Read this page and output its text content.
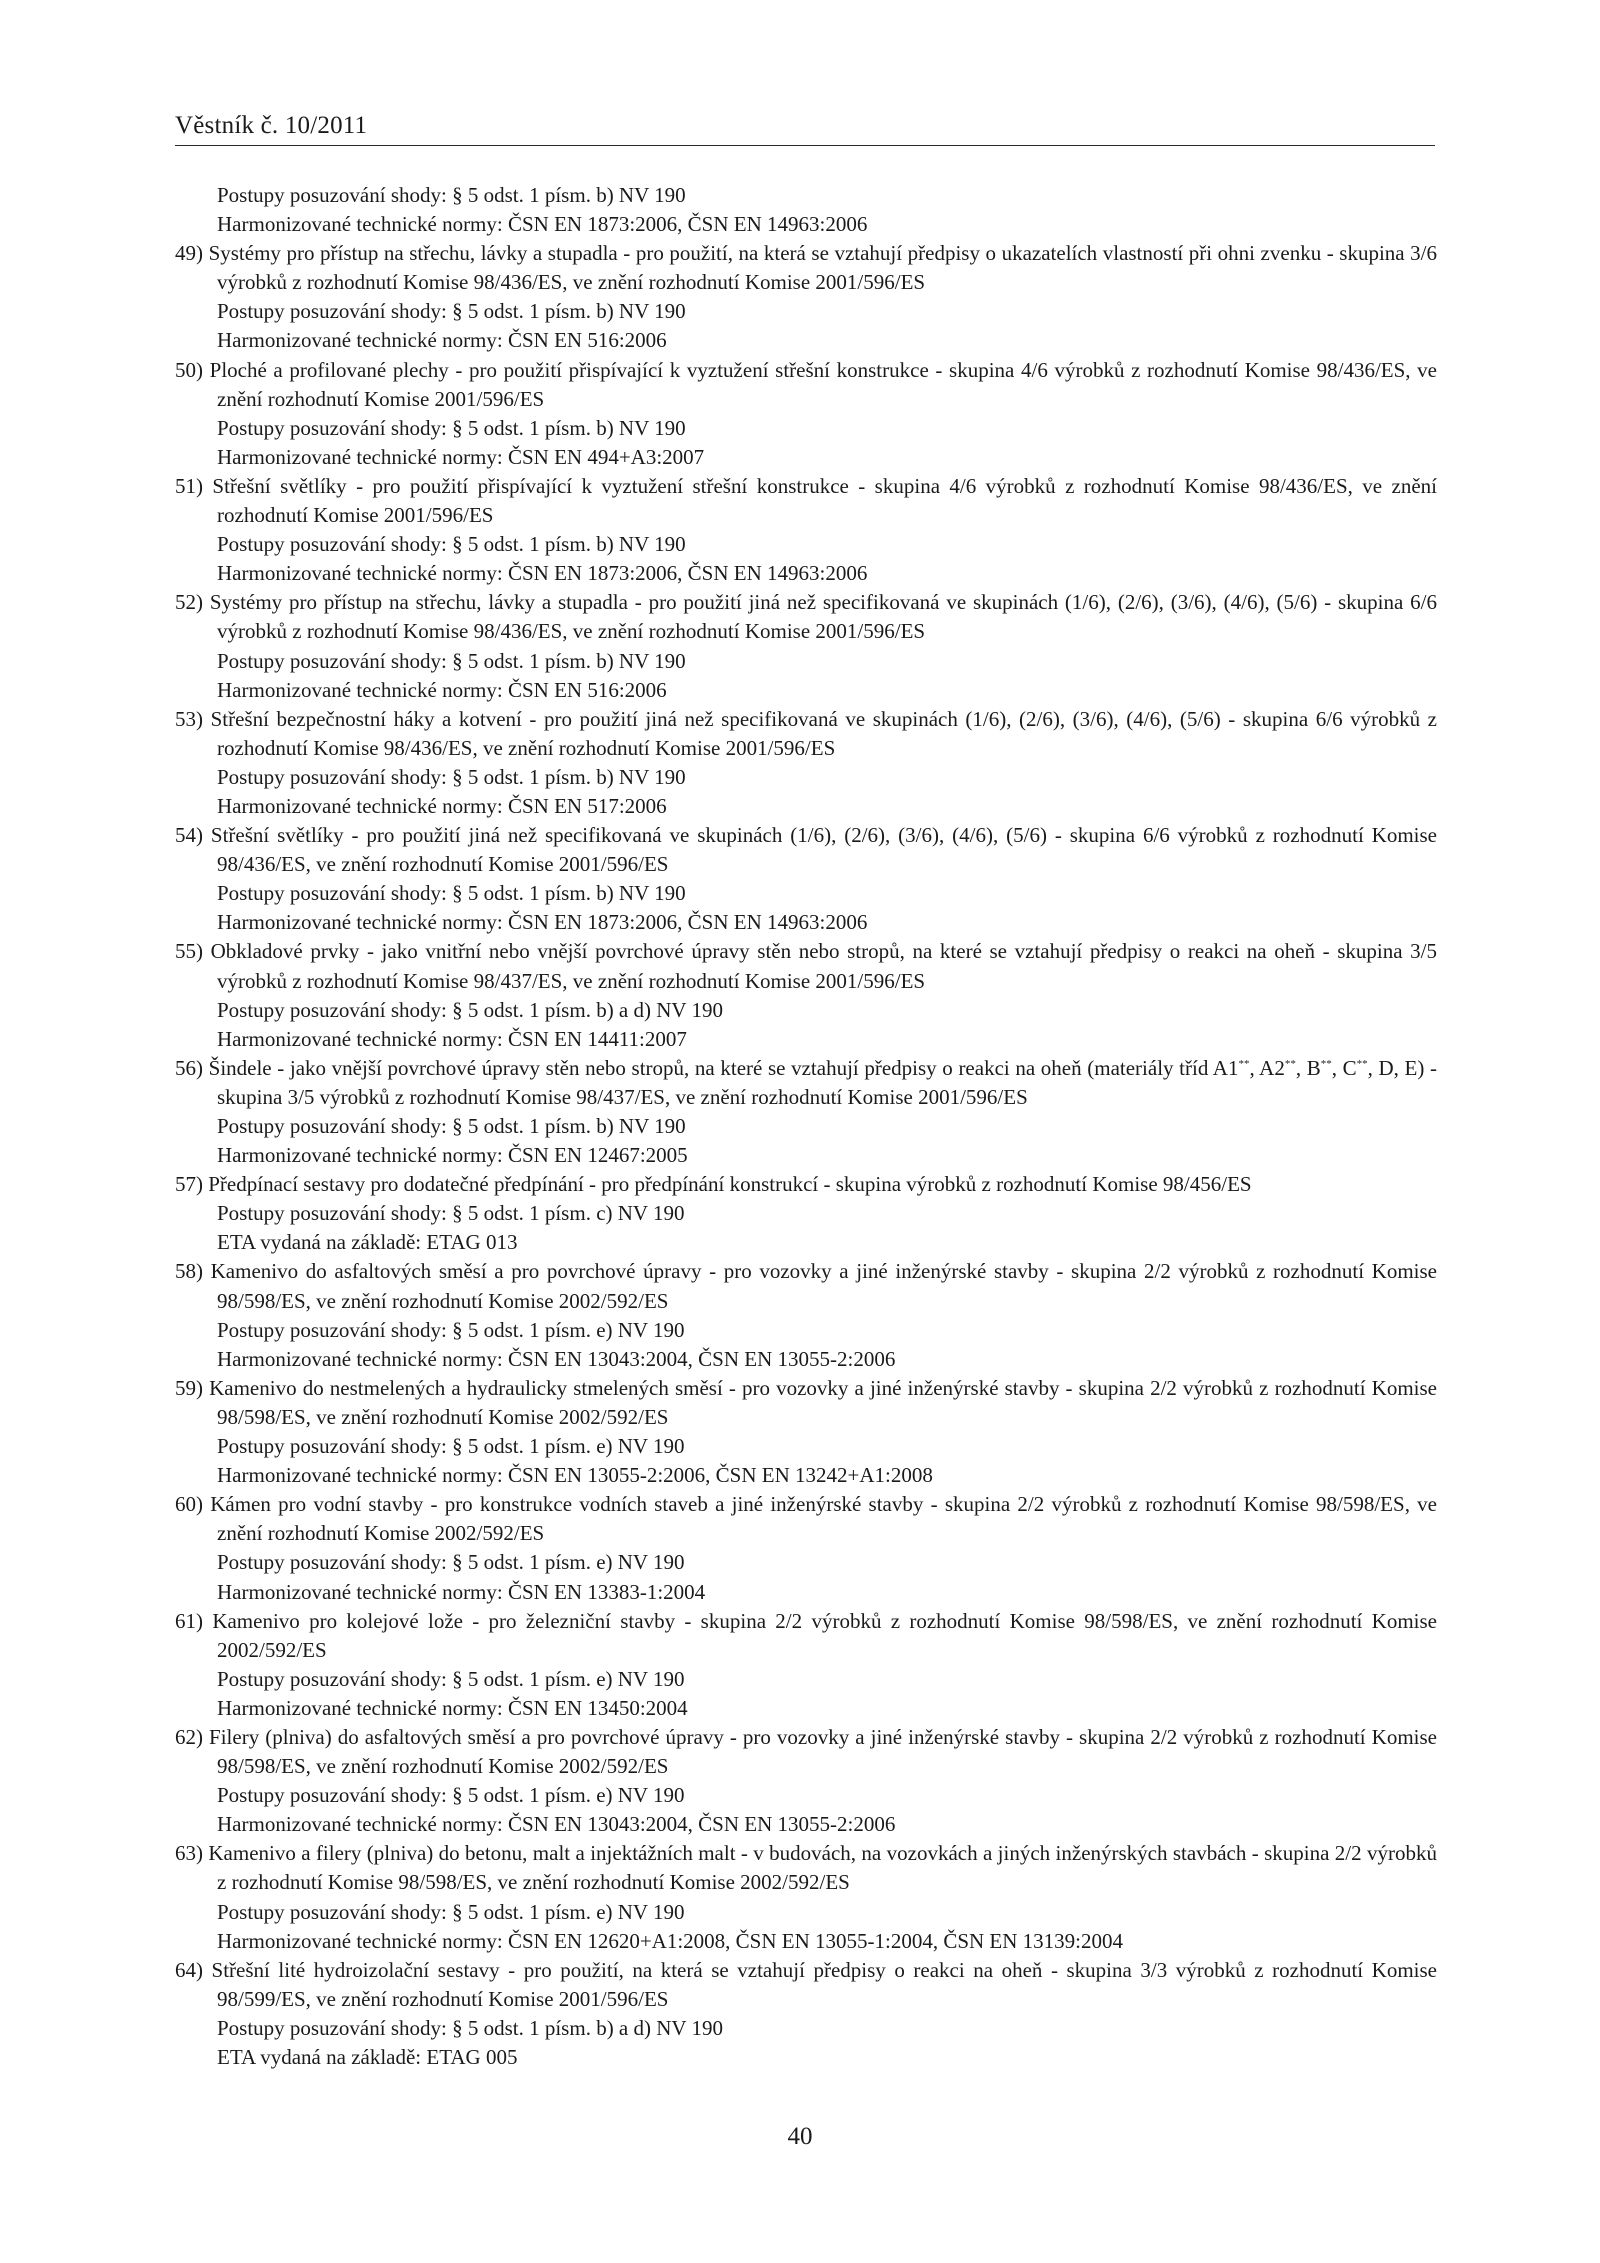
Věstník č. 10/2011
Postupy posuzování shody: § 5 odst. 1 písm. b) NV 190
Harmonizované technické normy: ČSN EN 1873:2006, ČSN EN 14963:2006
49) Systémy pro přístup na střechu, lávky a stupadla - pro použití, na která se vztahují předpisy o ukazatelích vlastností při ohni zvenku - skupina 3/6 výrobků z rozhodnutí Komise 98/436/ES, ve znění rozhodnutí Komise 2001/596/ES
Postupy posuzování shody: § 5 odst. 1 písm. b) NV 190
Harmonizované technické normy: ČSN EN 516:2006
50) Ploché a profilované plechy - pro použití přispívající k vyztužení střešní konstrukce - skupina 4/6 výrobků z rozhodnutí Komise 98/436/ES, ve znění rozhodnutí Komise 2001/596/ES
Postupy posuzování shody: § 5 odst. 1 písm. b) NV 190
Harmonizované technické normy: ČSN EN 494+A3:2007
51) Střešní světlíky - pro použití přispívající k vyztužení střešní konstrukce - skupina 4/6 výrobků z rozhodnutí Komise 98/436/ES, ve znění rozhodnutí Komise 2001/596/ES
Postupy posuzování shody: § 5 odst. 1 písm. b) NV 190
Harmonizované technické normy: ČSN EN 1873:2006, ČSN EN 14963:2006
52) Systémy pro přístup na střechu, lávky a stupadla - pro použití jiná než specifikovaná ve skupinách (1/6), (2/6), (3/6), (4/6), (5/6) - skupina 6/6 výrobků z rozhodnutí Komise 98/436/ES, ve znění rozhodnutí Komise 2001/596/ES
Postupy posuzování shody: § 5 odst. 1 písm. b) NV 190
Harmonizované technické normy: ČSN EN 516:2006
53) Střešní bezpečnostní háky a kotvení - pro použití jiná než specifikovaná ve skupinách (1/6), (2/6), (3/6), (4/6), (5/6) - skupina 6/6 výrobků z rozhodnutí Komise 98/436/ES, ve znění rozhodnutí Komise 2001/596/ES
Postupy posuzování shody: § 5 odst. 1 písm. b) NV 190
Harmonizované technické normy: ČSN EN 517:2006
54) Střešní světlíky - pro použití jiná než specifikovaná ve skupinách (1/6), (2/6), (3/6), (4/6), (5/6) - skupina 6/6 výrobků z rozhodnutí Komise 98/436/ES, ve znění rozhodnutí Komise 2001/596/ES
Postupy posuzování shody: § 5 odst. 1 písm. b) NV 190
Harmonizované technické normy: ČSN EN 1873:2006, ČSN EN 14963:2006
55) Obkladové prvky - jako vnitřní nebo vnější povrchové úpravy stěn nebo stropů, na které se vztahují předpisy o reakci na oheň - skupina 3/5 výrobků z rozhodnutí Komise 98/437/ES, ve znění rozhodnutí Komise 2001/596/ES
Postupy posuzování shody: § 5 odst. 1 písm. b) a d) NV 190
Harmonizované technické normy: ČSN EN 14411:2007
56) Šindele - jako vnější povrchové úpravy stěn nebo stropů, na které se vztahují předpisy o reakci na oheň (materiály tříd A1**, A2**, B**, C**, D, E) - skupina 3/5 výrobků z rozhodnutí Komise 98/437/ES, ve znění rozhodnutí Komise 2001/596/ES
Postupy posuzování shody: § 5 odst. 1 písm. b) NV 190
Harmonizované technické normy: ČSN EN 12467:2005
57) Předpínací sestavy pro dodatečné předpínání - pro předpínání konstrukcí - skupina výrobků z rozhodnutí Komise 98/456/ES
Postupy posuzování shody: § 5 odst. 1 písm. c) NV 190
ETA vydaná na základě: ETAG 013
58) Kamenivo do asfaltových směsí a pro povrchové úpravy - pro vozovky a jiné inženýrské stavby - skupina 2/2 výrobků z rozhodnutí Komise 98/598/ES, ve znění rozhodnutí Komise 2002/592/ES
Postupy posuzování shody: § 5 odst. 1 písm. e) NV 190
Harmonizované technické normy: ČSN EN 13043:2004, ČSN EN 13055-2:2006
59) Kamenivo do nestmelených a hydraulicky stmelených směsí - pro vozovky a jiné inženýrské stavby - skupina 2/2 výrobků z rozhodnutí Komise 98/598/ES, ve znění rozhodnutí Komise 2002/592/ES
Postupy posuzování shody: § 5 odst. 1 písm. e) NV 190
Harmonizované technické normy: ČSN EN 13055-2:2006, ČSN EN 13242+A1:2008
60) Kámen pro vodní stavby - pro konstrukce vodních staveb a jiné inženýrské stavby - skupina 2/2 výrobků z rozhodnutí Komise 98/598/ES, ve znění rozhodnutí Komise 2002/592/ES
Postupy posuzování shody: § 5 odst. 1 písm. e) NV 190
Harmonizované technické normy: ČSN EN 13383-1:2004
61) Kamenivo pro kolejové lože - pro železniční stavby - skupina 2/2 výrobků z rozhodnutí Komise 98/598/ES, ve znění rozhodnutí Komise 2002/592/ES
Postupy posuzování shody: § 5 odst. 1 písm. e) NV 190
Harmonizované technické normy: ČSN EN 13450:2004
62) Filery (plniva) do asfaltových směsí a pro povrchové úpravy - pro vozovky a jiné inženýrské stavby - skupina 2/2 výrobků z rozhodnutí Komise 98/598/ES, ve znění rozhodnutí Komise 2002/592/ES
Postupy posuzování shody: § 5 odst. 1 písm. e) NV 190
Harmonizované technické normy: ČSN EN 13043:2004, ČSN EN 13055-2:2006
63) Kamenivo a filery (plniva) do betonu, malt a injektážních malt - v budovách, na vozovkách a jiných inženýrských stavbách - skupina 2/2 výrobků z rozhodnutí Komise 98/598/ES, ve znění rozhodnutí Komise 2002/592/ES
Postupy posuzování shody: § 5 odst. 1 písm. e) NV 190
Harmonizované technické normy: ČSN EN 12620+A1:2008, ČSN EN 13055-1:2004, ČSN EN 13139:2004
64) Střešní lité hydroizolační sestavy - pro použití, na která se vztahují předpisy o reakci na oheň - skupina 3/3 výrobků z rozhodnutí Komise 98/599/ES, ve znění rozhodnutí Komise 2001/596/ES
Postupy posuzování shody: § 5 odst. 1 písm. b) a d) NV 190
ETA vydaná na základě: ETAG 005
40
